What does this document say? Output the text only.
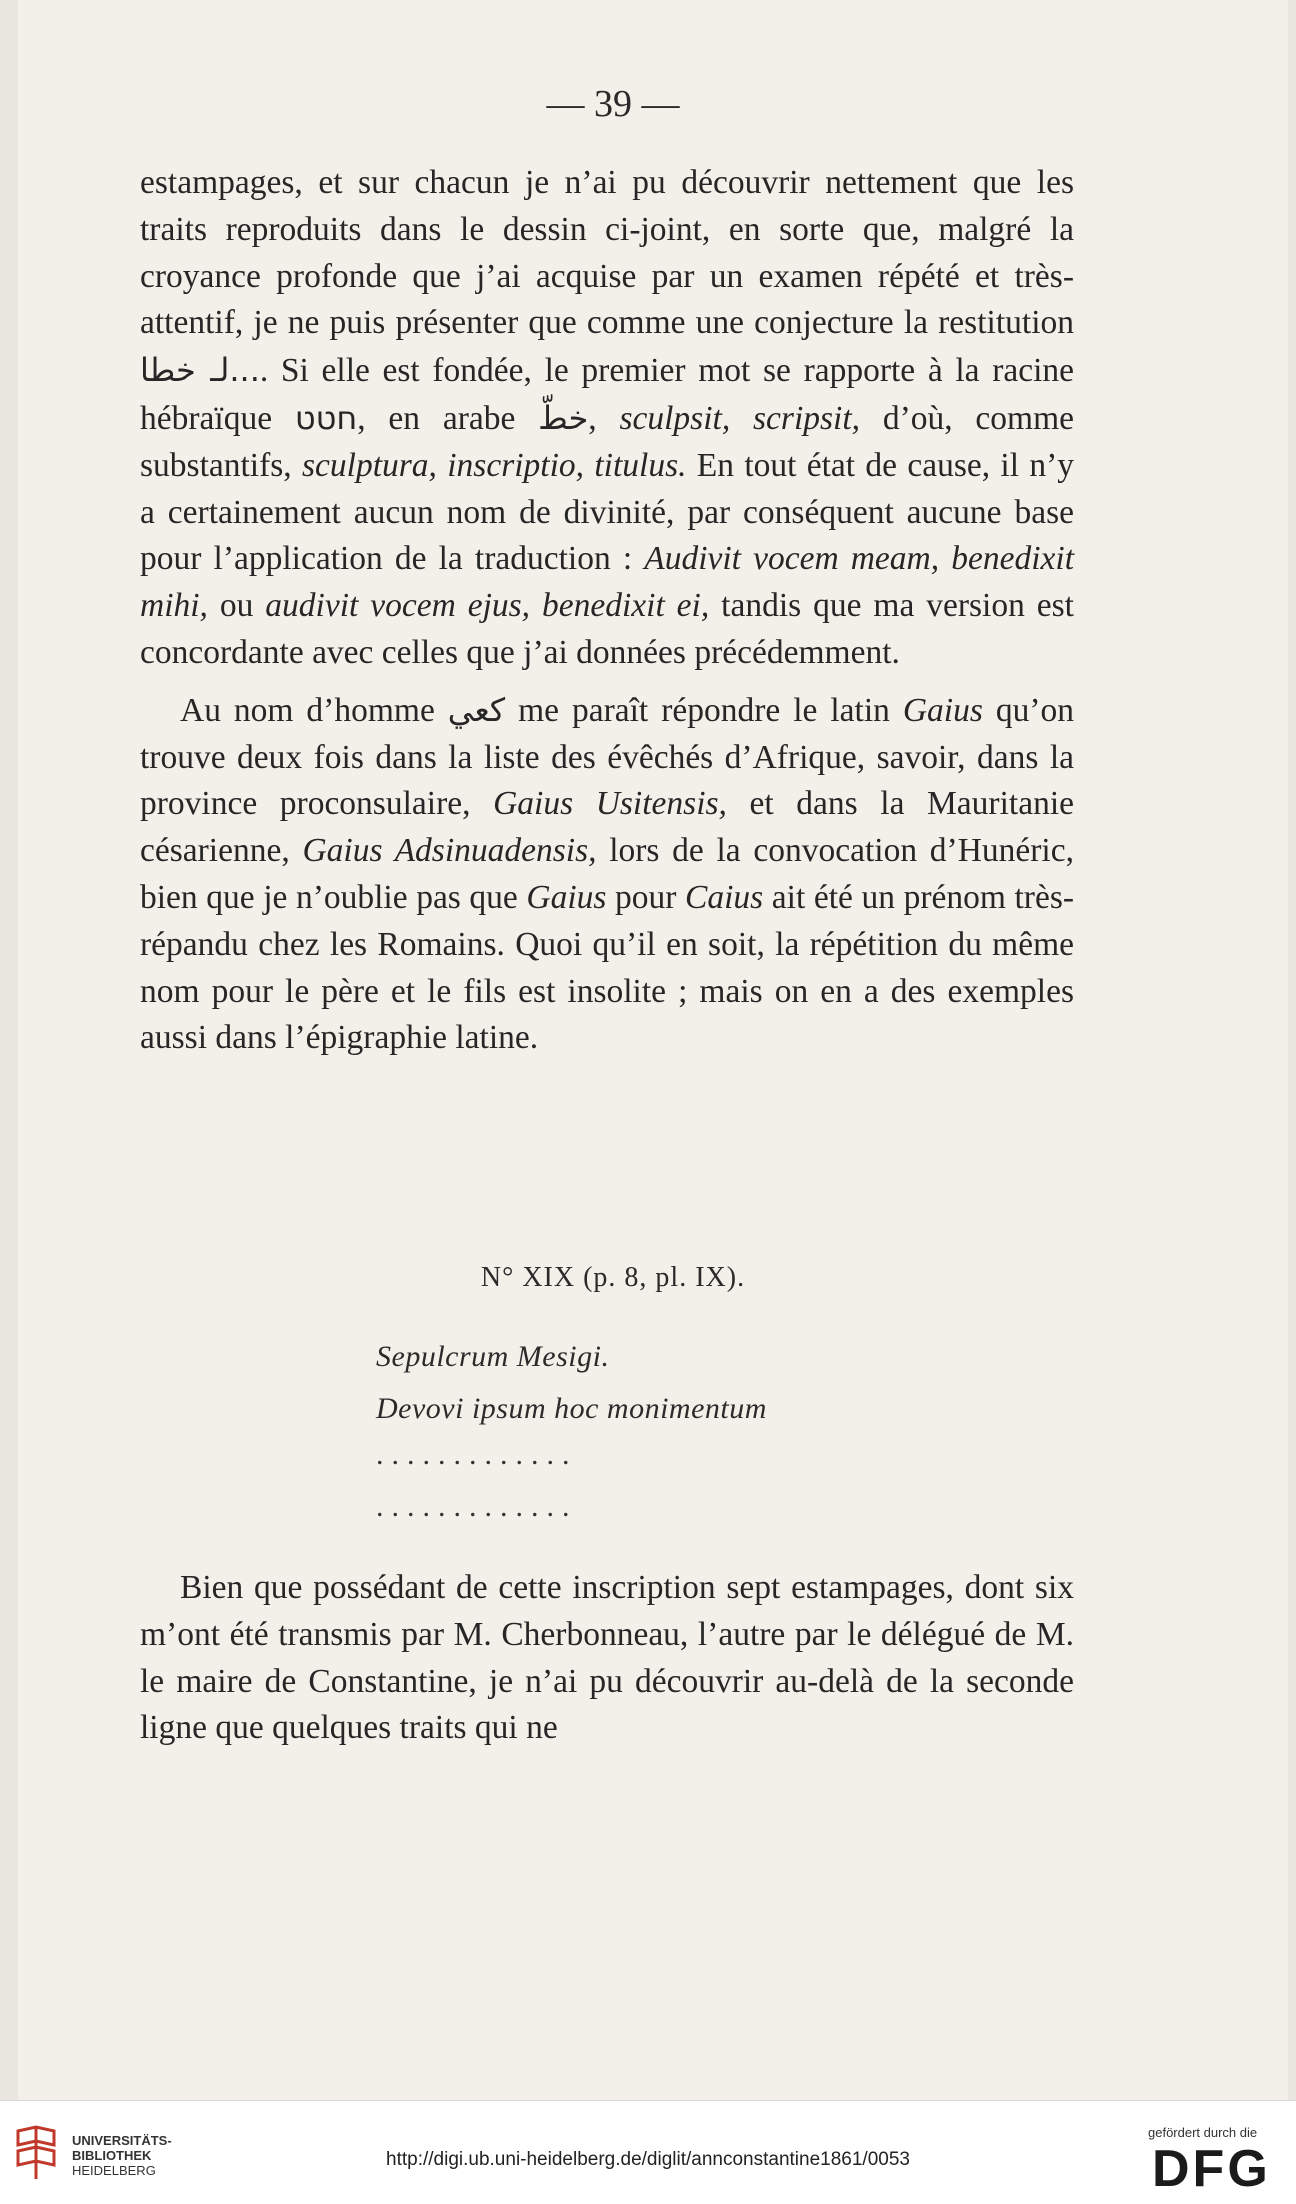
— 39 —

estampages, et sur chacun je n’ai pu découvrir nettement que les traits reproduits dans le dessin ci-joint, en sorte que, malgré la croyance profonde que j’ai acquise par un examen répété et très-attentif, je ne puis présenter que comme une conjecture la restitution ...لـ خطا. Si elle est fondée, le premier mot se rapporte à la racine hébraïque חטט, en arabe خطّ, sculpsit, scripsit, d’où, comme substantifs, sculptura, inscriptio, titulus. En tout état de cause, il n’y a certainement aucun nom de divinité, par conséquent aucune base pour l’application de la traduction : Audivit vocem meam, benedixit mihi, ou audivit vocem ejus, benedixit ei, tandis que ma version est concordante avec celles que j’ai données précédemment.

Au nom d’homme كعي me paraît répondre le latin Gaius qu’on trouve deux fois dans la liste des évêchés d’Afrique, savoir, dans la province proconsulaire, Gaius Usitensis, et dans la Mauritanie césarienne, Gaius Adsinuadensis, lors de la convocation d’Hunéric, bien que je n’oublie pas que Gaius pour Caius ait été un prénom très-répandu chez les Romains. Quoi qu’il en soit, la répétition du même nom pour le père et le fils est insolite ; mais on en a des exemples aussi dans l’épigraphie latine.

N° XIX (p. 8, pl. IX).
Sepulcrum Mesigi.
Devovi ipsum hoc monimentum
.............
.............

Bien que possédant de cette inscription sept estampages, dont six m’ont été transmis par M. Cherbonneau, l’autre par le délégué de M. le maire de Constantine, je n’ai pu découvrir au-delà de la seconde ligne que quelques traits qui ne

UNIVERSITÄTS-
BIBLIOTHEK
HEIDELBERG
http://digi.ub.uni-heidelberg.de/diglit/annconstantine1861/0053
gefördert durch die
DFG
